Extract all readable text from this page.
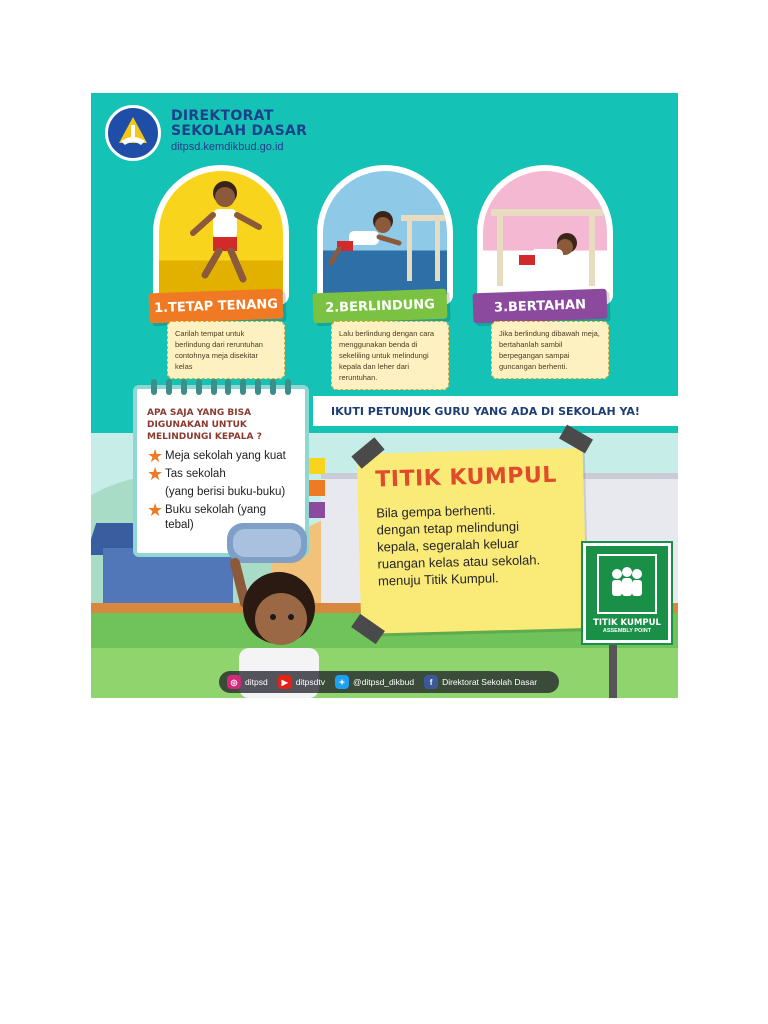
DIREKTORAT
SEKOLAH DASAR
ditpsd.kemdikbud.go.id
1.TETAP TENANG
Carilah tempat untuk berlindung dari reruntuhan contohnya meja disekitar kelas
2.BERLINDUNG
Lalu berlindung dengan cara menggunakan benda di sekeliling untuk melindungi kepala dan leher dari reruntuhan.
3.BERTAHAN
Jika berlindung dibawah meja, bertahanlah sambil berpegangan sampai guncangan berhenti.
IKUTI PETUNJUK GURU YANG ADA DI SEKOLAH YA!
APA SAJA YANG BISA DIGUNAKAN UNTUK MELINDUNGI KEPALA ?
★ Meja sekolah yang kuat
★ Tas sekolah
(yang berisi buku-buku)
★ Buku sekolah (yang tebal)
TITIK KUMPUL
Bila gempa berhenti.
dengan tetap melindungi
kepala, segeralah keluar
ruangan kelas atau sekolah.
menuju Titik Kumpul.
TITIK KUMPUL
ASSEMBLY POINT
◎ ditpsd	▶ ditpsdtv	✦ @ditpsd_dikbud	f	Direktorat Sekolah Dasar
